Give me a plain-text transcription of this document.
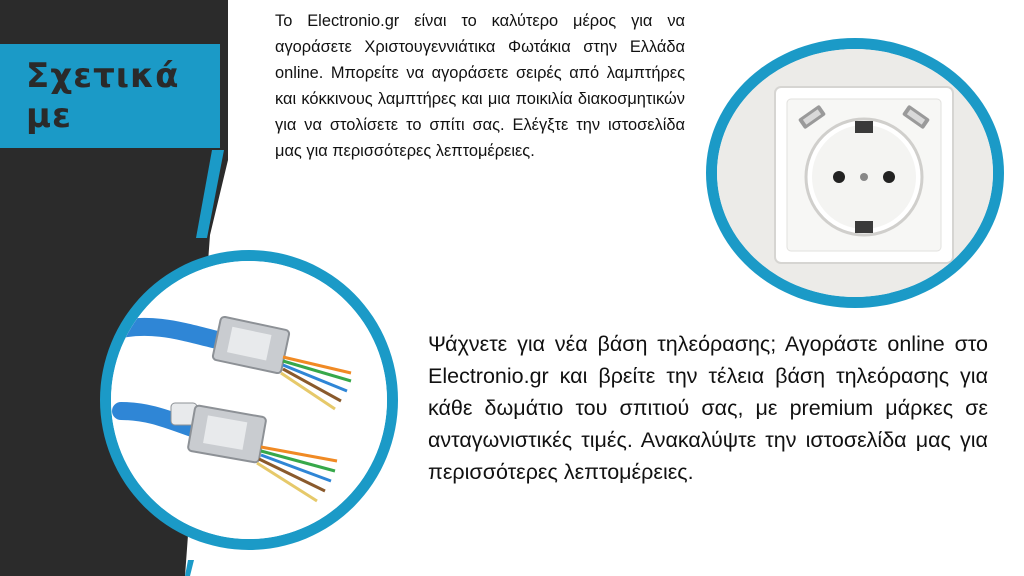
Σχετικά με
Το Electronio.gr είναι το καλύτερο μέρος για να αγοράσετε Χριστουγεννιάτικα Φωτάκια στην Ελλάδα online. Μπορείτε να αγοράσετε σειρές από λαμπτήρες και κόκκινους λαμπτήρες και μια ποικιλία διακοσμητικών για να στολίσετε το σπίτι σας. Ελέγξτε την ιστοσελίδα μας για περισσότερες λεπτομέρειες.
Ψάχνετε για νέα βάση τηλεόρασης; Αγοράστε online στο Electronio.gr και βρείτε την τέλεια βάση τηλεόρασης για κάθε δωμάτιο του σπιτιού σας, με premium μάρκες σε ανταγωνιστικές τιμές. Ανακαλύψτε την ιστοσελίδα μας για περισσότερες λεπτομέρειες.
